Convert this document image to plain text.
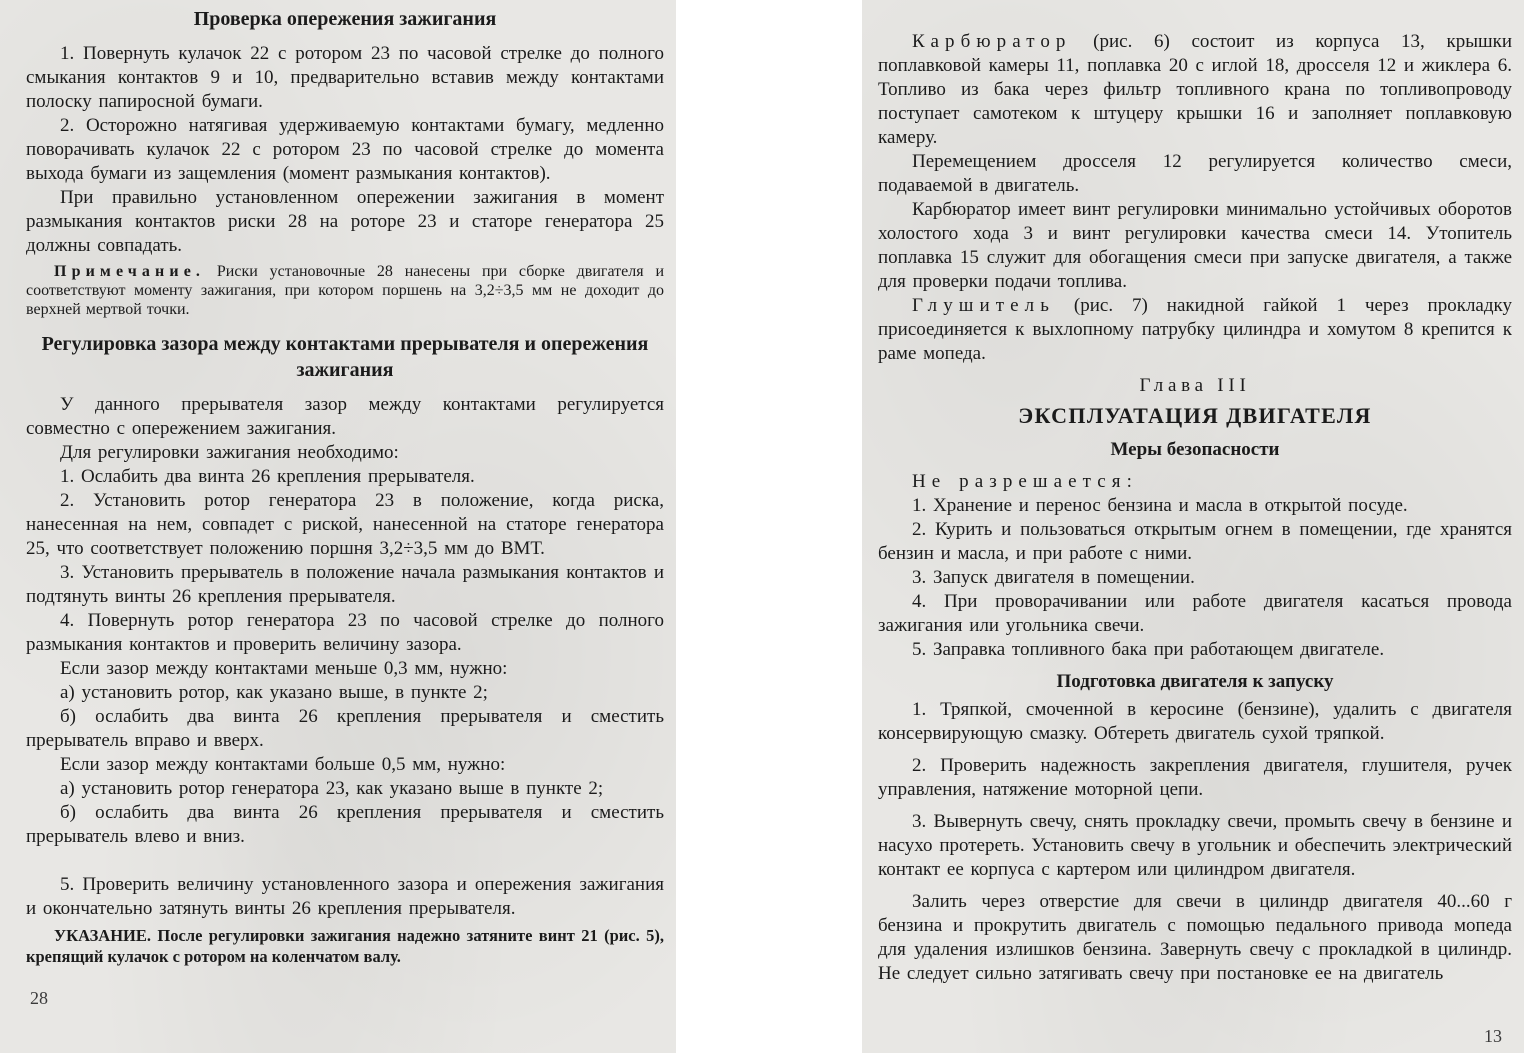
Проверка опережения зажигания

1. Повернуть кулачок 22 с ротором 23 по часовой стрелке до полного смыкания контактов 9 и 10, предварительно вставив между контактами полоску папиросной бумаги.

2. Осторожно натягивая удерживаемую контактами бумагу, медленно поворачивать кулачок 22 с ротором 23 по часовой стрелке до момента выхода бумаги из защемления (момент размыкания контактов).

При правильно установленном опережении зажигания в момент размыкания контактов риски 28 на роторе 23 и статоре генератора 25 должны совпадать.

Примечание. Риски установочные 28 нанесены при сборке двигателя и соответствуют моменту зажигания, при котором поршень на 3,2÷3,5 мм не доходит до верхней мертвой точки.

Регулировка зазора между контактами прерывателя и опережения зажигания

У данного прерывателя зазор между контактами регулируется совместно с опережением зажигания.

Для регулировки зажигания необходимо:

1. Ослабить два винта 26 крепления прерывателя.

2. Установить ротор генератора 23 в положение, когда риска, нанесенная на нем, совпадет с риской, нанесенной на статоре генератора 25, что соответствует положению поршня 3,2÷3,5 мм до ВМТ.

3. Установить прерыватель в положение начала размыкания контактов и подтянуть винты 26 крепления прерывателя.

4. Повернуть ротор генератора 23 по часовой стрелке до полного размыкания контактов и проверить величину зазора.

Если зазор между контактами меньше 0,3 мм, нужно:

а) установить ротор, как указано выше, в пункте 2;

б) ослабить два винта 26 крепления прерывателя и сместить прерыватель вправо и вверх.

Если зазор между контактами больше 0,5 мм, нужно:

а) установить ротор генератора 23, как указано выше в пункте 2;

б) ослабить два винта 26 крепления прерывателя и сместить прерыватель влево и вниз.

5. Проверить величину установленного зазора и опережения зажигания и окончательно затянуть винты 26 крепления прерывателя.

УКАЗАНИЕ. После регулировки зажигания надежно затяните винт 21 (рис. 5), крепящий кулачок с ротором на коленчатом валу.

28

Карбюратор (рис. 6) состоит из корпуса 13, крышки поплавковой камеры 11, поплавка 20 с иглой 18, дросселя 12 и жиклера 6. Топливо из бака через фильтр топливного крана по топливопроводу поступает самотеком к штуцеру крышки 16 и заполняет поплавковую камеру.

Перемещением дросселя 12 регулируется количество смеси, подаваемой в двигатель.

Карбюратор имеет винт регулировки минимально устойчивых оборотов холостого хода 3 и винт регулировки качества смеси 14. Утопитель поплавка 15 служит для обогащения смеси при запуске двигателя, а также для проверки подачи топлива.

Глушитель (рис. 7) накидной гайкой 1 через прокладку присоединяется к выхлопному патрубку цилиндра и хомутом 8 крепится к раме мопеда.

Глава III

ЭКСПЛУАТАЦИЯ ДВИГАТЕЛЯ
Меры безопасности

Не разрешается:

1. Хранение и перенос бензина и масла в открытой посуде.

2. Курить и пользоваться открытым огнем в помещении, где хранятся бензин и масла, и при работе с ними.

3. Запуск двигателя в помещении.

4. При проворачивании или работе двигателя касаться провода зажигания или угольника свечи.

5. Заправка топливного бака при работающем двигателе.

Подготовка двигателя к запуску

1. Тряпкой, смоченной в керосине (бензине), удалить с двигателя консервирующую смазку. Обтереть двигатель сухой тряпкой.

2. Проверить надежность закрепления двигателя, глушителя, ручек управления, натяжение моторной цепи.

3. Вывернуть свечу, снять прокладку свечи, промыть свечу в бензине и насухо протереть. Установить свечу в угольник и обеспечить электрический контакт ее корпуса с картером или цилиндром двигателя.

Залить через отверстие для свечи в цилиндр двигателя 40...60 г бензина и прокрутить двигатель с помощью педального привода мопеда для удаления излишков бензина. Завернуть свечу с прокладкой в цилиндр. Не следует сильно затягивать свечу при постановке ее на двигатель

13
